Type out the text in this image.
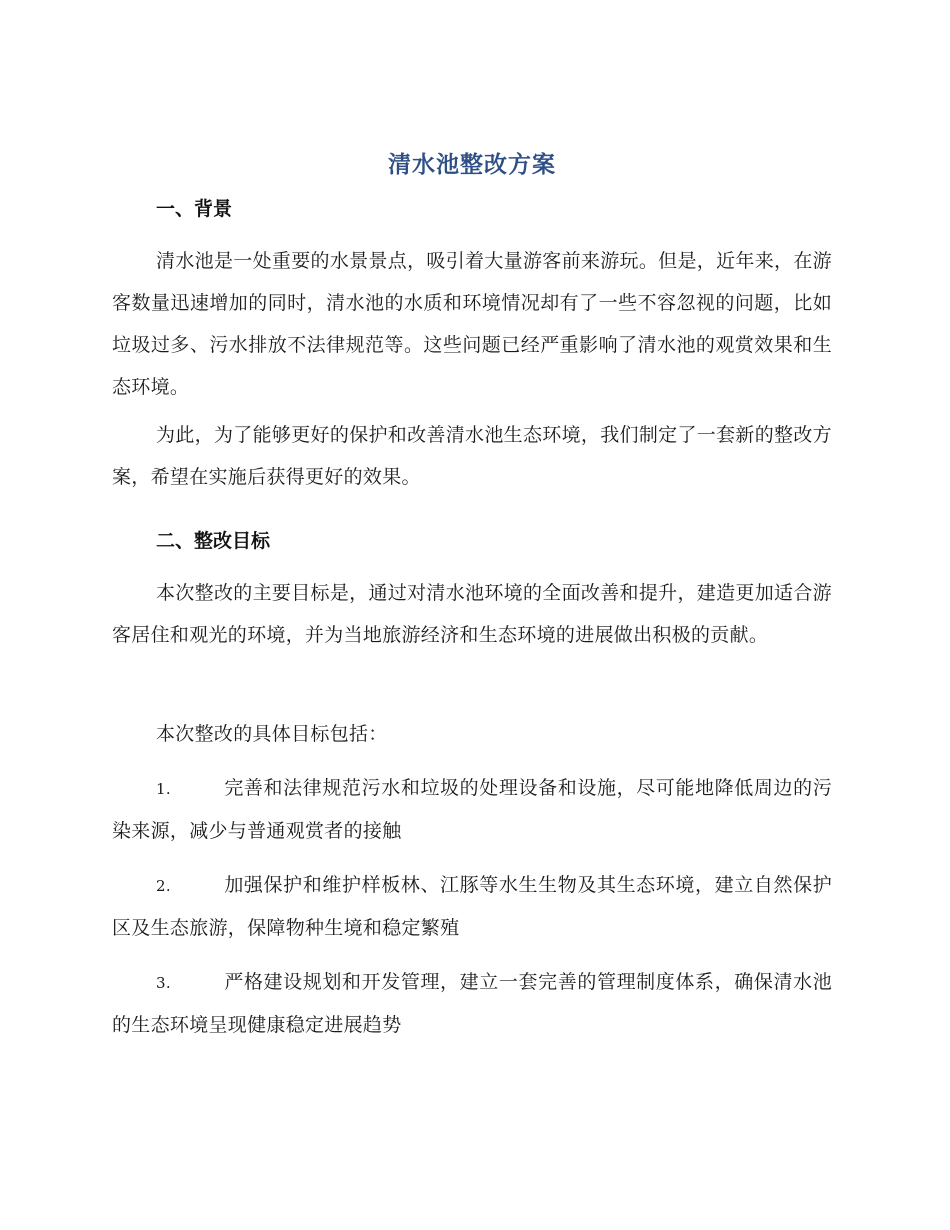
清水池整改方案
一、背景

清水池是一处重要的水景景点，吸引着大量游客前来游玩。但是，近年来，在游客数量迅速增加的同时，清水池的水质和环境情况却有了一些不容忽视的问题，比如垃圾过多、污水排放不法律规范等。这些问题已经严重影响了清水池的观赏效果和生态环境。

为此，为了能够更好的保护和改善清水池生态环境，我们制定了一套新的整改方案，希望在实施后获得更好的效果。

二、整改目标

本次整改的主要目标是，通过对清水池环境的全面改善和提升，建造更加适合游客居住和观光的环境，并为当地旅游经济和生态环境的进展做出积极的贡献。

本次整改的具体目标包括：

1.	完善和法律规范污水和垃圾的处理设备和设施，尽可能地降低周边的污染来源，减少与普通观赏者的接触

2.	加强保护和维护样板林、江豚等水生生物及其生态环境，建立自然保护区及生态旅游，保障物种生境和稳定繁殖

3.	严格建设规划和开发管理，建立一套完善的管理制度体系，确保清水池的生态环境呈现健康稳定进展趋势
